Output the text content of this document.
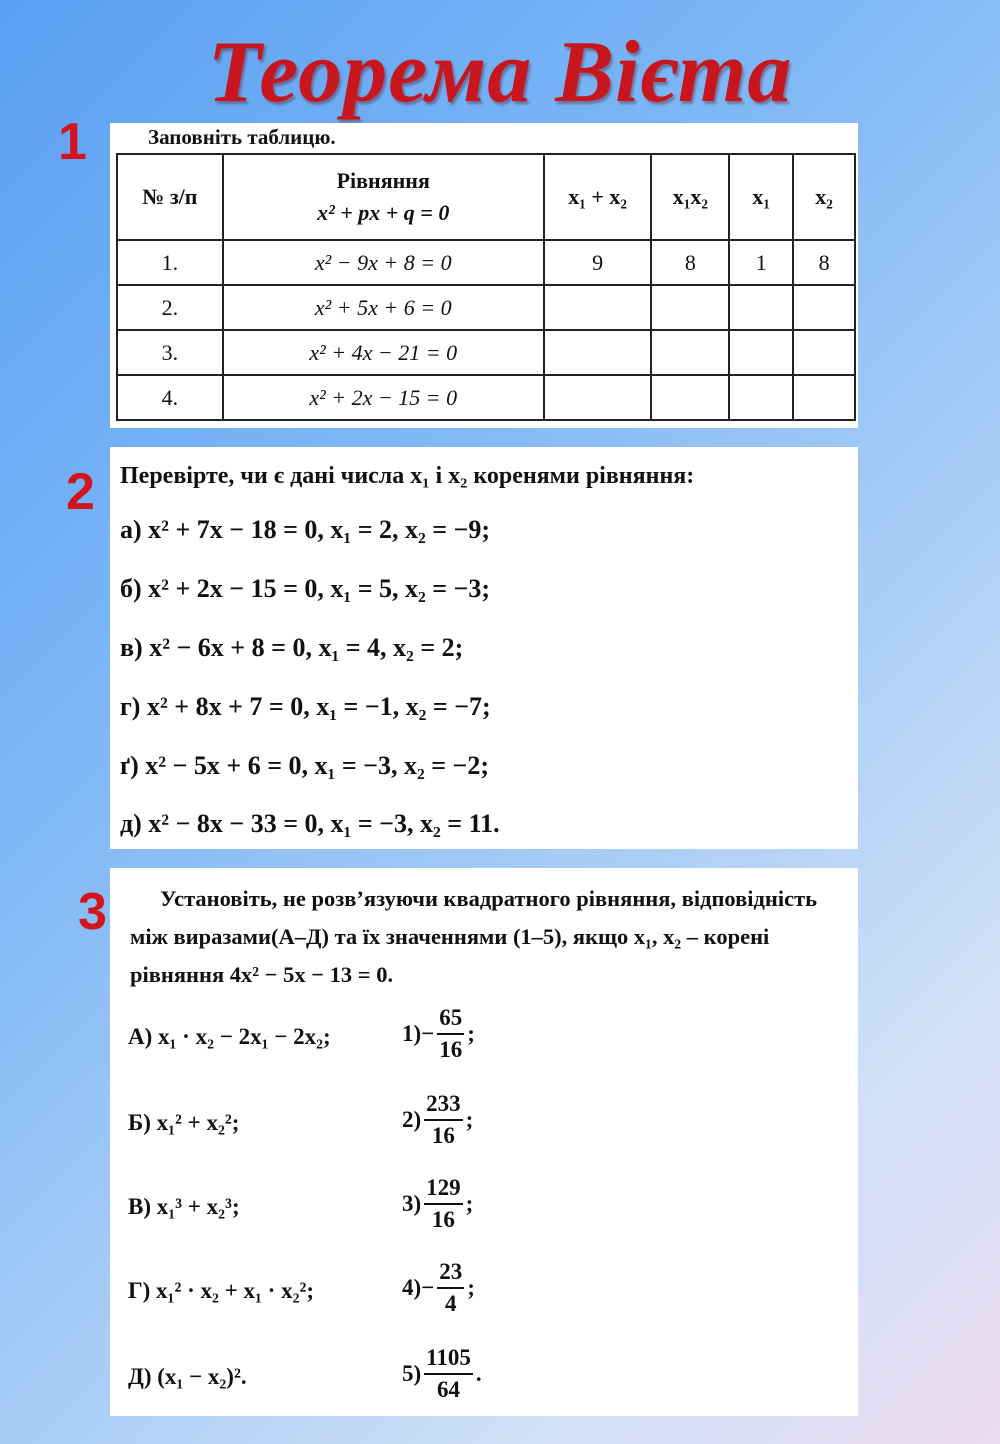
Теорема Вієта
1
2
3
Заповніть таблицю.
№ з/п	Рівняння
x² + px + q = 0	x₁ + x₂	x₁x₂	x₁	x₂
1.	x² − 9x + 8 = 0	9	8	1	8
2.	x² + 5x + 6 = 0				
3.	x² + 4x − 21 = 0				
4.	x² + 2x − 15 = 0				
Перевірте, чи є дані числа x₁ і x₂ коренями рівняння:
а) x² + 7x − 18 = 0, x₁ = 2, x₂ = −9;
б) x² + 2x − 15 = 0, x₁ = 5, x₂ = −3;
в) x² − 6x + 8 = 0, x₁ = 4, x₂ = 2;
г) x² + 8x + 7 = 0, x₁ = −1, x₂ = −7;
ґ) x² − 5x + 6 = 0, x₁ = −3, x₂ = −2;
д) x² − 8x − 33 = 0, x₁ = −3, x₂ = 11.
Установіть, не розв’язуючи квадратного рівняння, відповідність між виразами(А–Д) та їх значеннями (1–5), якщо x₁, x₂ – корені рівняння 4x² − 5x − 13 = 0.
А) x₁ · x₂ − 2x₁ − 2x₂;
Б) x₁² + x₂²;
В) x₁³ + x₂³;
Г) x₁² · x₂ + x₁ · x₂²;
Д) (x₁ − x₂)².
$1) - \frac{65}{16}$ ;
$2) \frac{233}{16}$ ;
$3) \frac{129}{16}$ ;
$4) - \frac{23}{4}$ ;
$5) \frac{1105}{64}$ .
